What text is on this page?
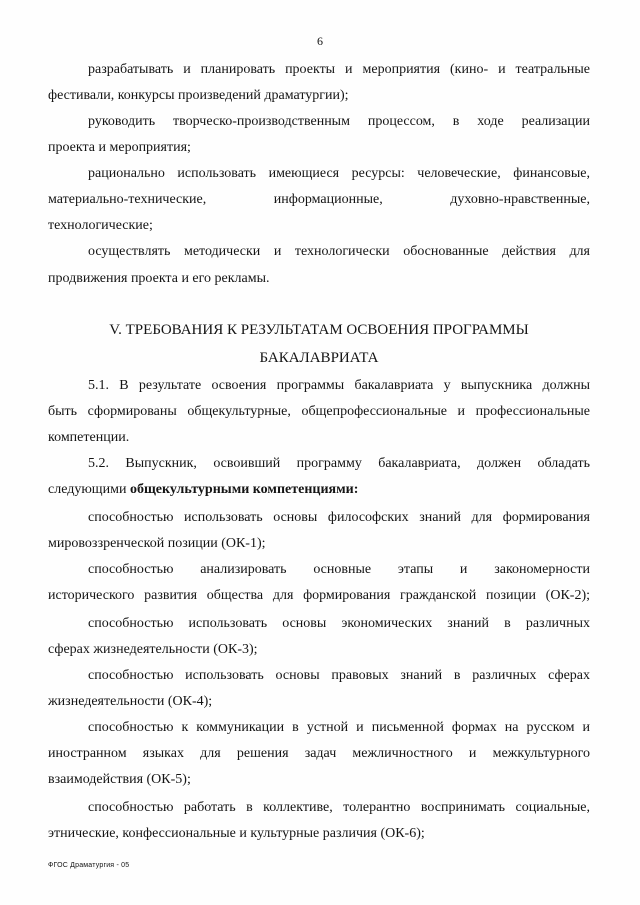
6
разрабатывать и планировать проекты и мероприятия (кино- и театральные
фестивали, конкурсы произведений драматургии);
руководить творческо-производственным процессом, в ходе реализации
проекта и мероприятия;
рационально использовать имеющиеся ресурсы: человеческие, финансовые,
материально-технические, информационные, духовно-нравственные,
технологические;
осуществлять методически и технологически обоснованные действия для
продвижения проекта и его рекламы.
V. ТРЕБОВАНИЯ К РЕЗУЛЬТАТАМ ОСВОЕНИЯ ПРОГРАММЫ
БАКАЛАВРИАТА
5.1. В результате освоения программы бакалавриата у выпускника должны
быть сформированы общекультурные, общепрофессиональные и профессиональные
компетенции.
5.2. Выпускник, освоивший программу бакалавриата, должен обладать
следующими общекультурными компетенциями:
способностью использовать основы философских знаний для формирования
мировоззренческой позиции (ОК-1);
способностью анализировать основные этапы и закономерности
исторического развития общества для формирования гражданской позиции (ОК-2);
способностью использовать основы экономических знаний в различных
сферах жизнедеятельности (ОК-3);
способностью использовать основы правовых знаний в различных сферах
жизнедеятельности (ОК-4);
способностью к коммуникации в устной и письменной формах на русском и
иностранном языках для решения задач межличностного и межкультурного
взаимодействия (ОК-5);
способностью работать в коллективе, толерантно воспринимать социальные,
этнические, конфессиональные и культурные различия (ОК-6);
ФГОС Драматургия - 05
